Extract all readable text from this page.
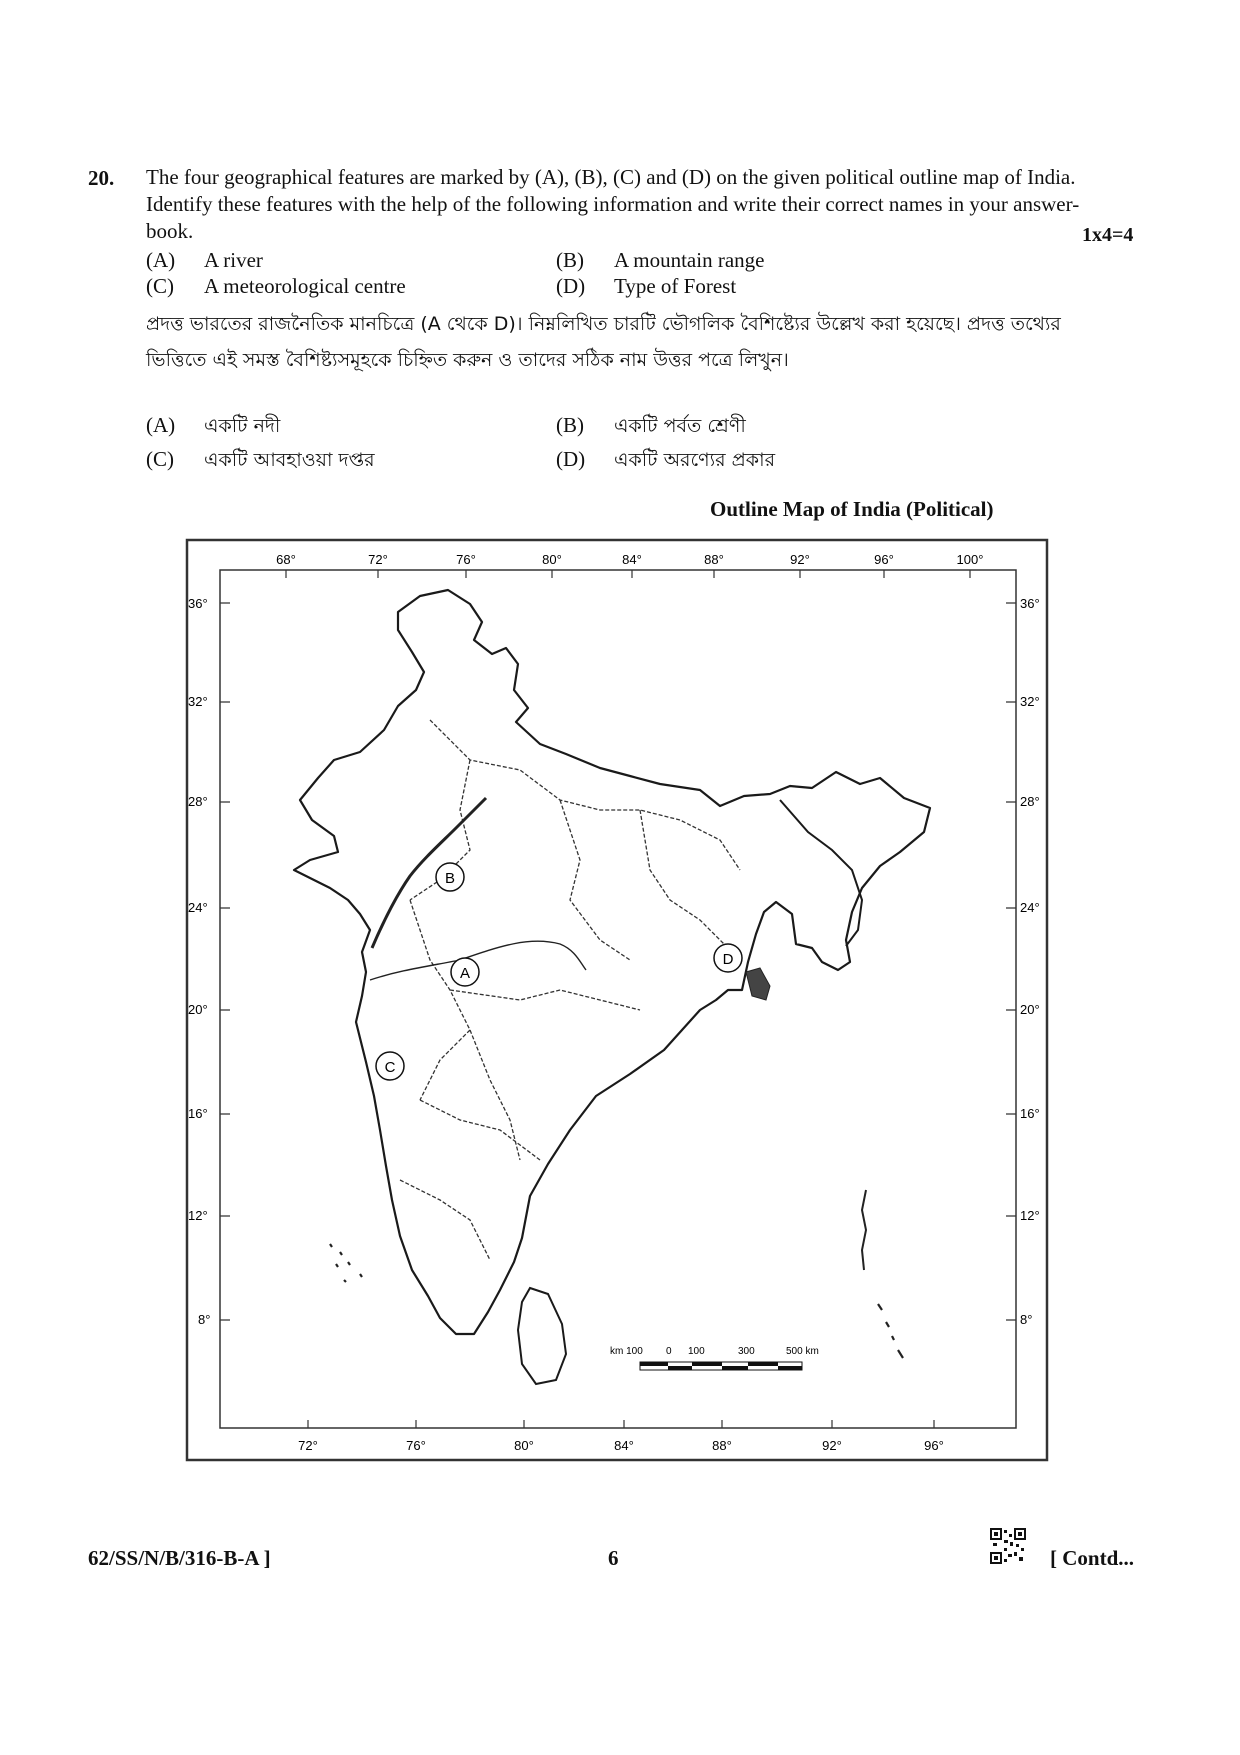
20. The four geographical features are marked by (A), (B), (C) and (D) on the given political outline map of India. Identify these features with the help of the following information and write their correct names in your answer-book.	1x4=4
(A) A river	(B) A mountain range
(C) A meteorological centre	(D) Type of Forest
প্রদত্ত ভারতের রাজনৈতিক মানচিত্রে (A থেকে D)। নিম্নলিখিত চারটি ভৌগলিক বৈশিষ্ট্যের উল্লেখ করা হয়েছে। প্রদত্ত তথ্যের ভিত্তিতে এই সমস্ত বৈশিষ্ট্যসমূহকে চিহ্নিত করুন ও তাদের সঠিক নাম উত্তর পত্রে লিখুন।
(A) একটি নদী	(B) একটি পর্বত শ্রেণী
(C) একটি আবহাওয়া দপ্তর	(D) একটি অরণ্যের প্রকার
Outline Map of India (Political)
68°	72°	76°	80°	84°	88°	92°	96°	100°
72°	76°	80°	84°	88°	92°	96°
36°
32°
28°
24°
20°
16°
12°
8°
36°
32°
28°
24°
20°
16°
12°
8°
A
B
C
D
km 100 0 100	300	500 km
62/SS/N/B/316-B-A ]	6	[ Contd...
